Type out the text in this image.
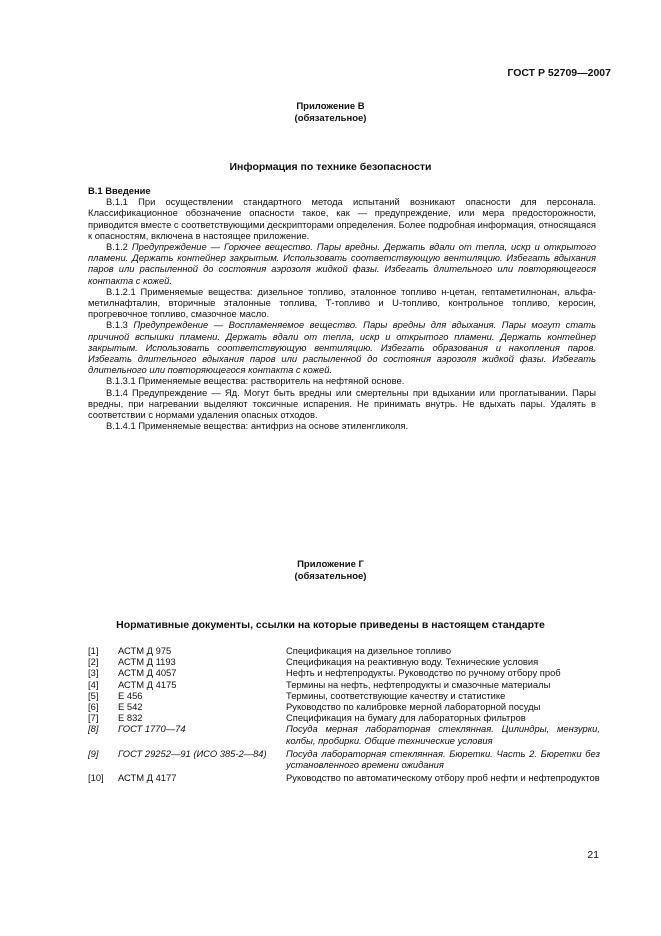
ГОСТ Р 52709—2007
Приложение В
(обязательное)
Информация по технике безопасности

В.1 Введение

В.1.1 При осуществлении стандартного метода испытаний возникают опасности для персонала. Классификационное обозначение опасности такое, как — предупреждение, или мера предосторожности, приводится вместе с соответствующими дескрипторами определения. Более подробная информация, относящаяся к опасностям, включена в настоящее приложение.

В.1.2 Предупреждение — Горючее вещество. Пары вредны. Держать вдали от тепла, искр и открытого пламени. Держать контейнер закрытым. Использовать соответствующую вентиляцию. Избегать вдыхания паров или распыленной до состояния аэрозоля жидкой фазы. Избегать длительного или повторяющегося контакта с кожей.

В.1.2.1 Применяемые вещества: дизельное топливо, эталонное топливо н-цетан, гептаметилнонан, альфа-метилнафталин, вторичные эталонные топлива, Т-топливо и U-топливо, контрольное топливо, керосин, прогревочное топливо, смазочное масло.

В.1.3 Предупреждение — Воспламеняемое вещество. Пары вредны для вдыхания. Пары могут стать причиной вспышки пламени. Держать вдали от тепла, искр и открытого пламени. Держать контейнер закрытым. Использовать соответствующую вентиляцию. Избегать образования и накопления паров. Избегать длительного вдыхания паров или распыленной до состояния аэрозоля жидкой фазы. Избегать длительного или повторяющегося контакта с кожей.

В.1.3.1 Применяемые вещества: растворитель на нефтяной основе.

В.1.4 Предупреждение — Яд. Могут быть вредны или смертельны при вдыхании или проглатывании. Пары вредны, при нагревании выделяют токсичные испарения. Не принимать внутрь. Не вдыхать пары. Удалять в соответствии с нормами удаления опасных отходов.

В.1.4.1 Применяемые вещества: антифриз на основе этиленгликоля.

Приложение Г
(обязательное)
Нормативные документы, ссылки на которые приведены в настоящем стандарте
[1]	АСТМ Д 975	Спецификация на дизельное топливо
[2]	АСТМ Д 1193	Спецификация на реактивную воду. Технические условия
[3]	АСТМ Д 4057	Нефть и нефтепродукты. Руководство по ручному отбору проб
[4]	АСТМ Д 4175	Термины на нефть, нефтепродукты и смазочные материалы
[5]	Е 456	Термины, соответствующие качеству и статистике
[6]	Е 542	Руководство по калибровке мерной лабораторной посуды
[7]	Е 832	Спецификация на бумагу для лабораторных фильтров
[8]	ГОСТ 1770—74	Посуда мерная лабораторная стеклянная. Цилиндры, мензурки, колбы, пробирки. Общие технические условия
[9]	ГОСТ 29252—91 (ИСО 385-2—84)	Посуда лабораторная стеклянная. Бюретки. Часть 2. Бюретки без установленного времени ожидания
[10]	АСТМ Д 4177	Руководство по автоматическому отбору проб нефти и нефтепродуктов
21
